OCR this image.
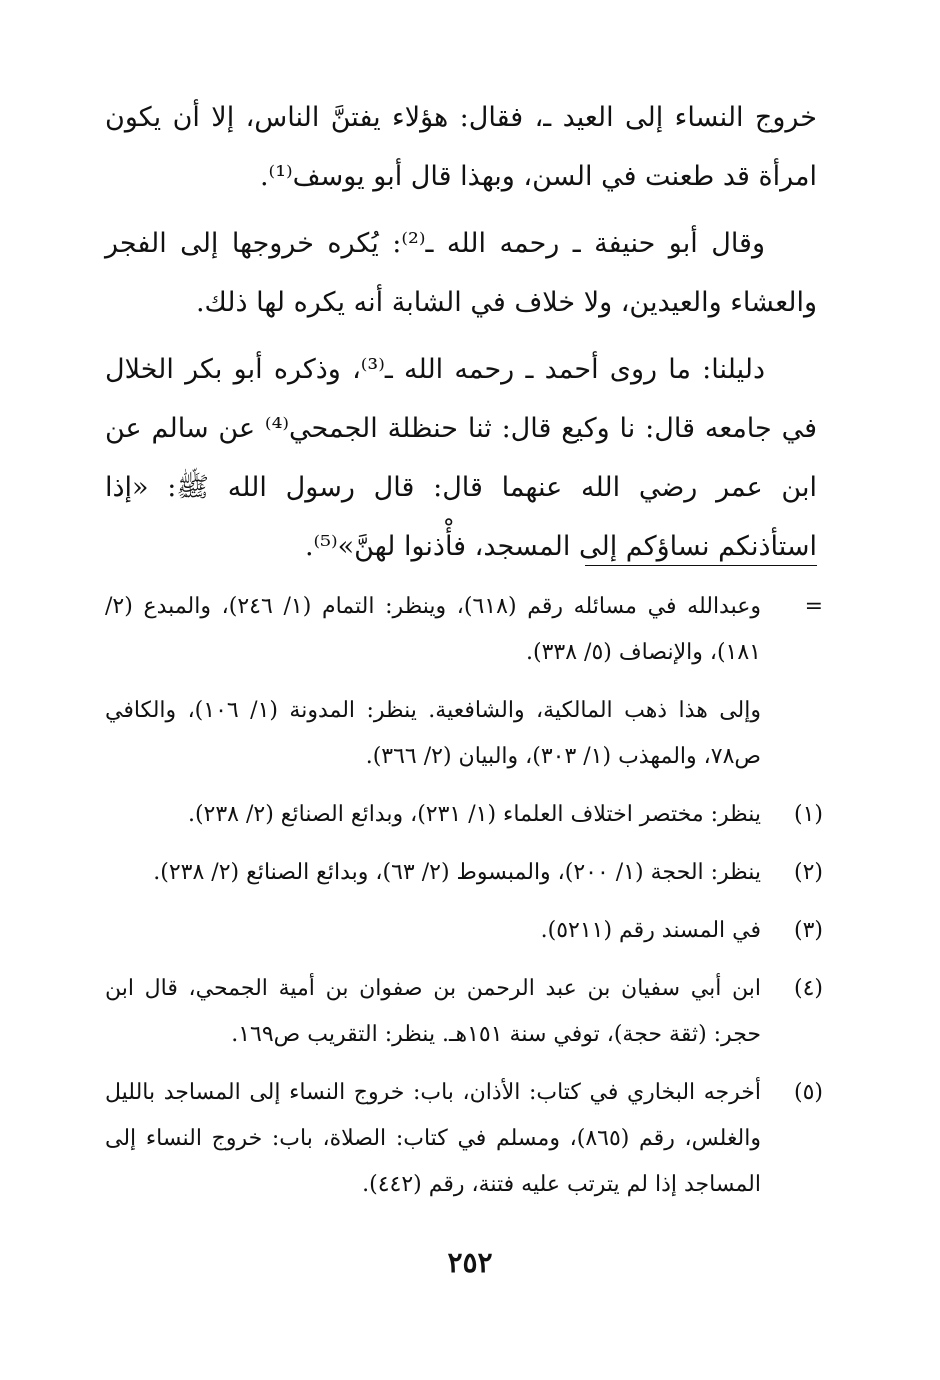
خروج النساء إلى العيد ـ، فقال: هؤلاء يفتنَّ الناس، إلا أن يكون امرأة قد طعنت في السن، وبهذا قال أبو يوسف⁽¹⁾.

وقال أبو حنيفة ـ رحمه الله ـ⁽²⁾: يُكره خروجها إلى الفجر والعشاء والعيدين، ولا خلاف في الشابة أنه يكره لها ذلك.

دليلنا: ما روى أحمد ـ رحمه الله ـ⁽³⁾، وذكره أبو بكر الخلال في جامعه قال: نا وكيع قال: ثنا حنظلة الجمحي⁽⁴⁾ عن سالم عن ابن عمر رضي الله عنهما قال: قال رسول الله ﷺ: «إذا استأذنكم نساؤكم إلى المسجد، فأْذنوا لهنَّ»⁽⁵⁾.

=
وعبدالله في مسائله رقم (٦١٨)، وينظر: التمام (١/ ٢٤٦)، والمبدع (٢/ ١٨١)، والإنصاف (٥/ ٣٣٨).
وإلى هذا ذهب المالكية، والشافعية. ينظر: المدونة (١/ ١٠٦)، والكافي ص٧٨، والمهذب (١/ ٣٠٣)، والبيان (٢/ ٣٦٦).
(١)
ينظر: مختصر اختلاف العلماء (١/ ٢٣١)، وبدائع الصنائع (٢/ ٢٣٨).
(٢)
ينظر: الحجة (١/ ٢٠٠)، والمبسوط (٢/ ٦٣)، وبدائع الصنائع (٢/ ٢٣٨).
(٣)
في المسند رقم (٥٢١١).
(٤)
ابن أبي سفيان بن عبد الرحمن بن صفوان بن أمية الجمحي، قال ابن حجر: (ثقة حجة)، توفي سنة ١٥١هـ. ينظر: التقريب ص١٦٩.
(٥)
أخرجه البخاري في كتاب: الأذان، باب: خروج النساء إلى المساجد بالليل والغلس، رقم (٨٦٥)، ومسلم في كتاب: الصلاة، باب: خروج النساء إلى المساجد إذا لم يترتب عليه فتنة، رقم (٤٤٢).
٢٥٢
